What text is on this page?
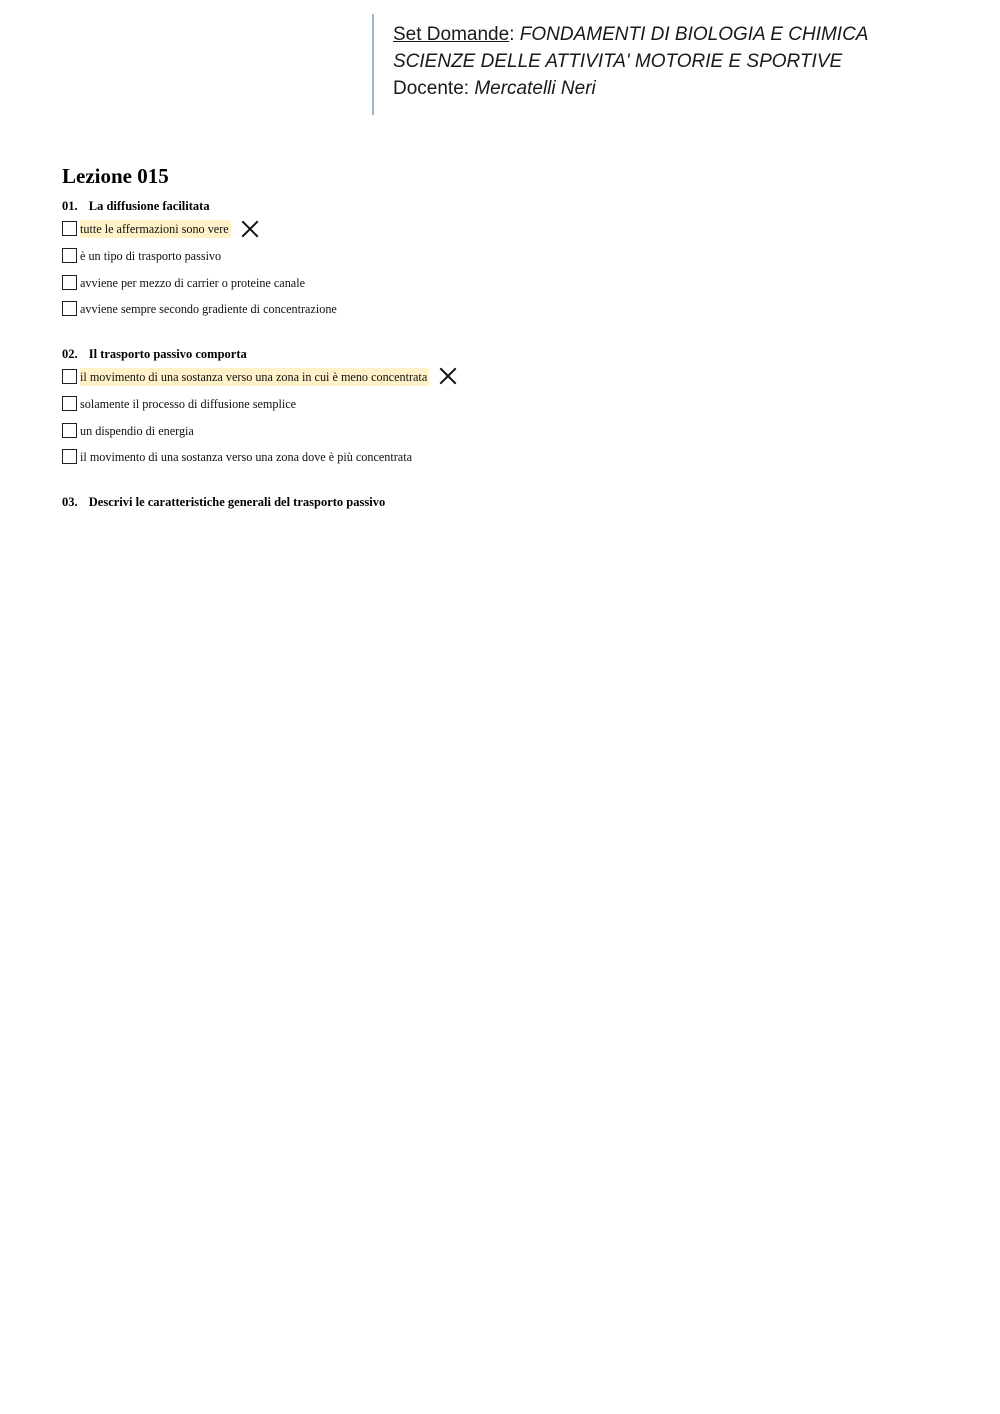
Set Domande: FONDAMENTI DI BIOLOGIA E CHIMICA
SCIENZE DELLE ATTIVITA' MOTORIE E SPORTIVE
Docente: Mercatelli Neri
Lezione 015
01. La diffusione facilitata
tutte le affermazioni sono vere
è un tipo di trasporto passivo
avviene per mezzo di carrier o proteine canale
avviene sempre secondo gradiente di concentrazione
02. Il trasporto passivo comporta
il movimento di una sostanza verso una zona in cui è meno concentrata
solamente il processo di diffusione semplice
un dispendio di energia
il movimento di una sostanza verso una zona dove è più concentrata
03. Descrivi le caratteristiche generali del trasporto passivo
